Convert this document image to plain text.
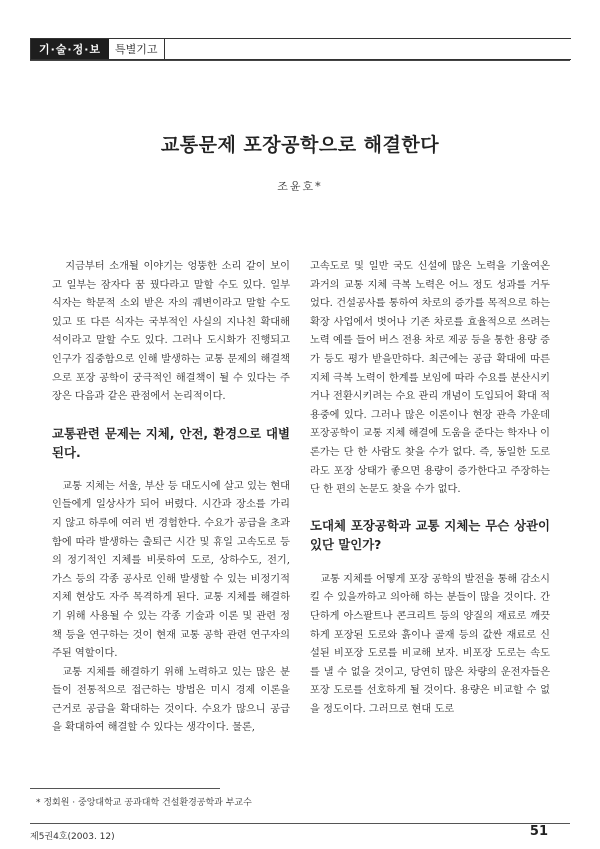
기·술·정·보	특별기고
교통문제 포장공학으로 해결한다
조윤호*

지금부터 소개될 이야기는 엉뚱한 소리 같이 보이고 일부는 잠자다 꿈 꿨다라고 말할 수도 있다. 일부 식자는 학문적 소외 받은 자의 궤변이라고 말할 수도 있고 또 다른 식자는 국부적인 사실의 지나친 확대해석이라고 말할 수도 있다. 그러나 도시화가 진행되고 인구가 집중함으로 인해 발생하는 교통 문제의 해결책으로 포장 공학이 궁극적인 해결책이 될 수 있다는 주장은 다음과 같은 관점에서 논리적이다.

교통관련 문제는 지체, 안전, 환경으로 대별된다.

교통 지체는 서울, 부산 등 대도시에 살고 있는 현대인들에게 일상사가 되어 버렸다. 시간과 장소를 가리지 않고 하루에 여러 번 경험한다. 수요가 공급을 초과함에 따라 발생하는 출퇴근 시간 및 휴일 고속도로 등의 정기적인 지체를 비롯하여 도로, 상하수도, 전기, 가스 등의 각종 공사로 인해 발생할 수 있는 비정기적 지체 현상도 자주 목격하게 된다. 교통 지체를 해결하기 위해 사용될 수 있는 각종 기술과 이론 및 관련 정책 등을 연구하는 것이 현재 교통 공학 관련 연구자의 주된 역할이다.

교통 지체를 해결하기 위해 노력하고 있는 많은 분들이 전통적으로 접근하는 방법은 미시 경제 이론을 근거로 공급을 확대하는 것이다. 수요가 많으니 공급을 확대하여 해결할 수 있다는 생각이다. 물론,

고속도로 및 일반 국도 신설에 많은 노력을 기울여온 과거의 교통 지체 극복 노력은 어느 정도 성과를 거두었다. 건설공사를 통하여 차로의 증가를 목적으로 하는 확장 사업에서 벗어나 기존 차로를 효율적으로 쓰려는 노력 예를 들어 버스 전용 차로 제공 등을 통한 용량 증가 등도 평가 받을만하다. 최근에는 공급 확대에 따른 지체 극복 노력이 한계를 보임에 따라 수요를 분산시키거나 전환시키려는 수요 관리 개념이 도입되어 확대 적용중에 있다. 그러나 많은 이론이나 현장 관측 가운데 포장공학이 교통 지체 해결에 도움을 준다는 학자나 이론가는 단 한 사람도 찾을 수가 없다. 즉, 동일한 도로라도 포장 상태가 좋으면 용량이 증가한다고 주장하는 단 한 편의 논문도 찾을 수가 없다.

도대체 포장공학과 교통 지체는 무슨 상관이 있단 말인가?

교통 지체를 어떻게 포장 공학의 발전을 통해 감소시킬 수 있을까하고 의아해 하는 분들이 많을 것이다. 간단하게 아스팔트나 콘크리트 등의 양질의 재료로 깨끗하게 포장된 도로와 흙이나 골재 등의 값싼 재료로 신설된 비포장 도로를 비교해 보자. 비포장 도로는 속도를 낼 수 없을 것이고, 당연히 많은 차량의 운전자들은 포장 도로를 선호하게 될 것이다. 용량은 비교할 수 없을 정도이다. 그러므로 현대 도로

* 정회원 · 중앙대학교 공과대학 건설환경공학과 부교수
제5권4호(2003. 12)	51
